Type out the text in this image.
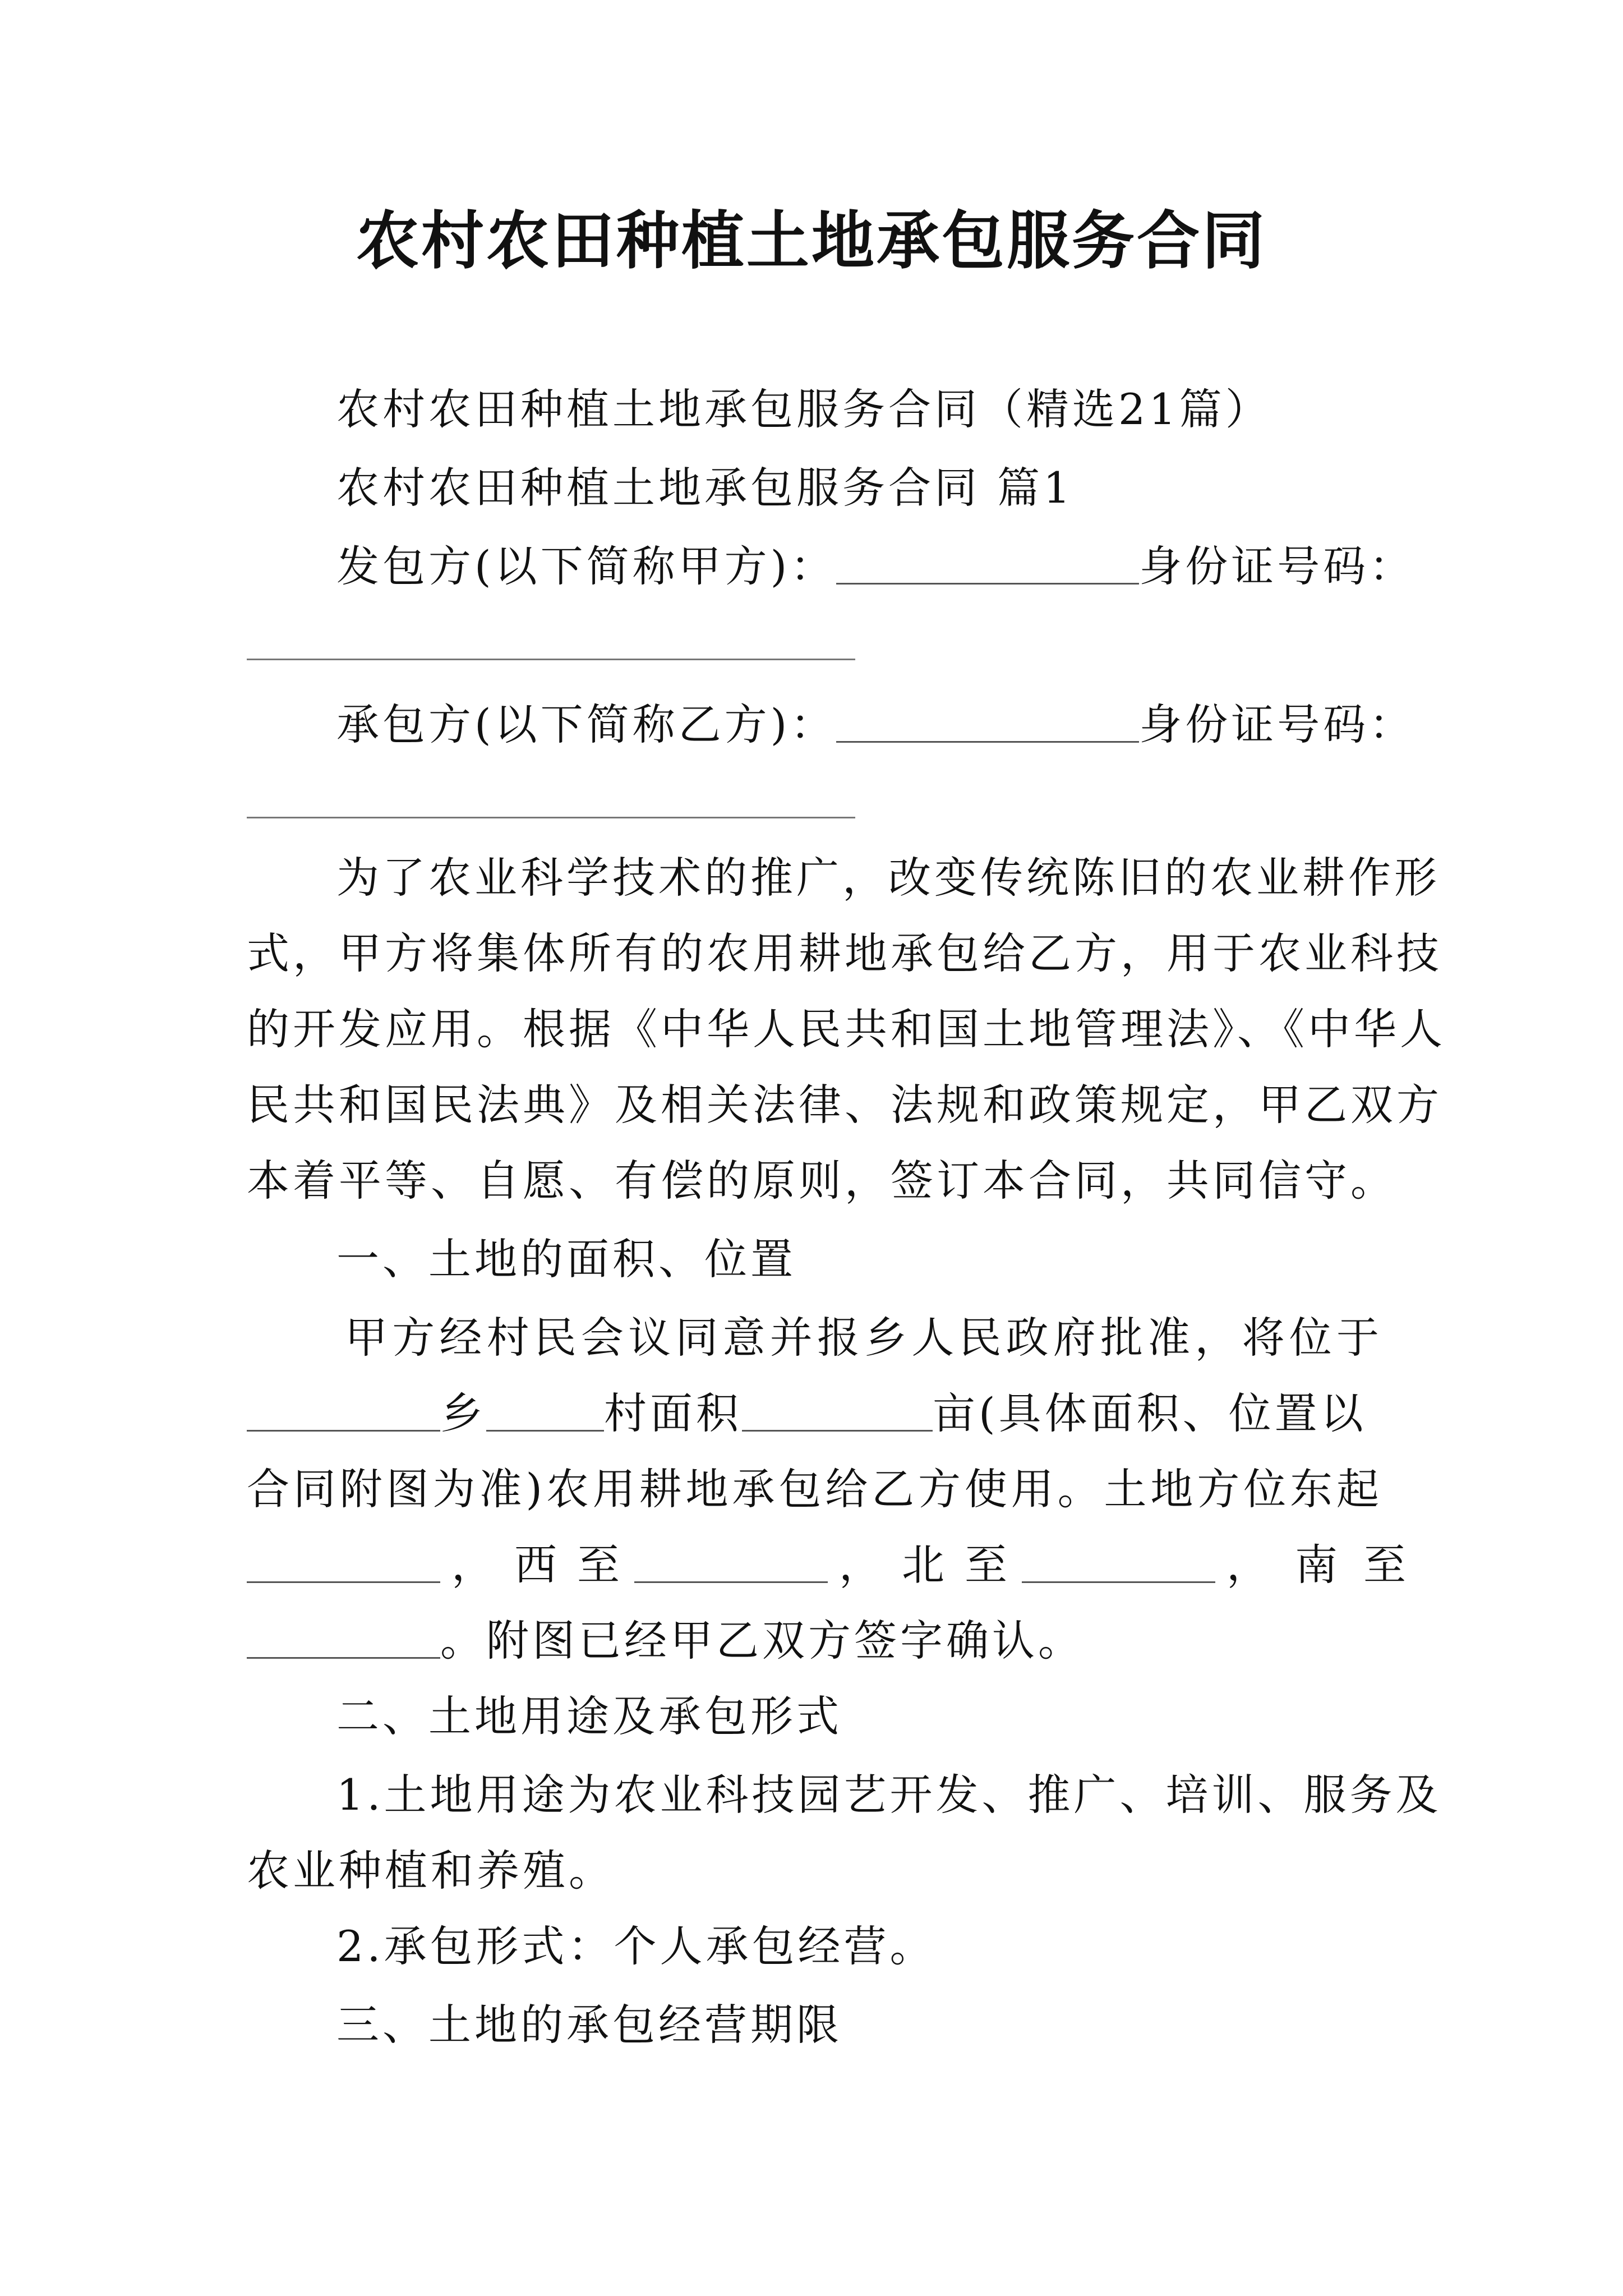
农村农田种植土地承包服务合同
农村农田种植土地承包服务合同（精选21篇）
农村农田种植土地承包服务合同 篇1
发包方(以下简称甲方)：	身份证号码：
承包方(以下简称乙方)：	身份证号码：
为了农业科学技术的推广，改变传统陈旧的农业耕作形
式，甲方将集体所有的农用耕地承包给乙方，用于农业科技
的开发应用。根据《中华人民共和国土地管理法》、《中华人
民共和国民法典》及相关法律、法规和政策规定，甲乙双方
本着平等、自愿、有偿的原则，签订本合同，共同信守。
一、土地的面积、位置
甲方经村民会议同意并报乡人民政府批准，将位于
乡	村面积	亩(具体面积、位置以
合同附图为准)农用耕地承包给乙方使用。土地方位东起
， 西 至	， 北 至	， 南 至
。附图已经甲乙双方签字确认。
二、土地用途及承包形式
1.土地用途为农业科技园艺开发、推广、培训、服务及
农业种植和养殖。
2.承包形式：个人承包经营。
三、土地的承包经营期限
